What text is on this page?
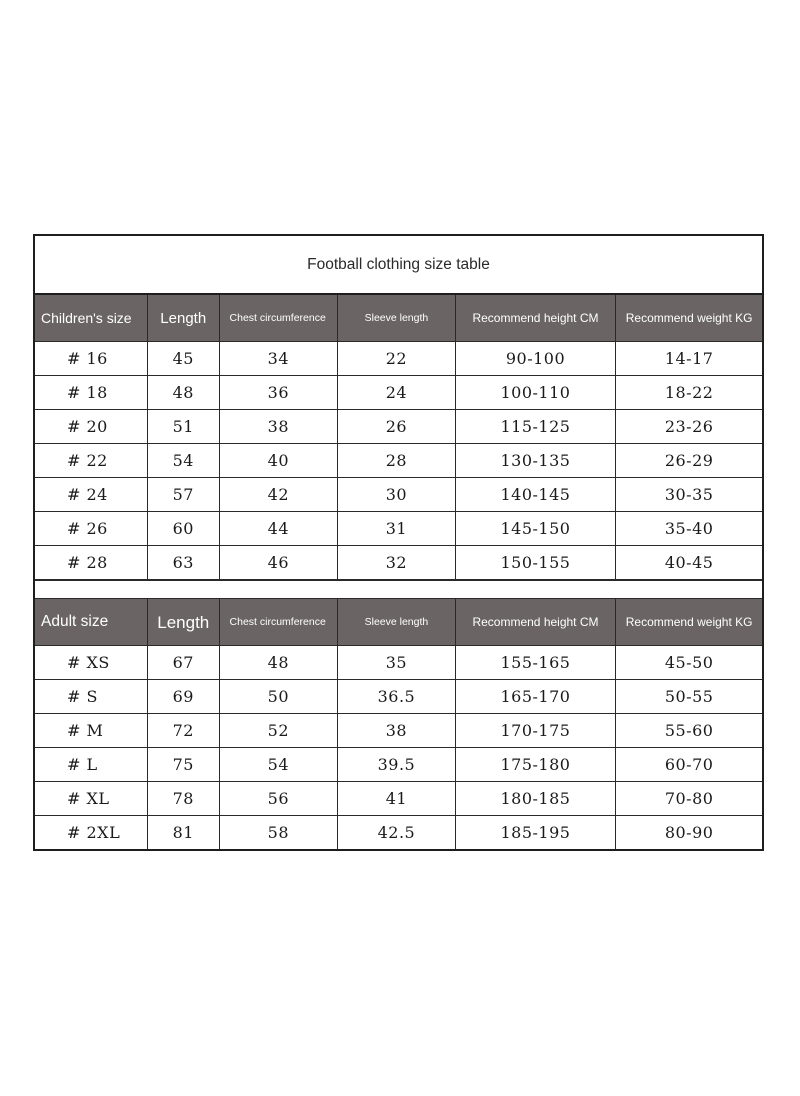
Football clothing size table
Children's size	Length	Chest circumference	Sleeve length	Recommend height CM	Recommend weight KG
# 16	45	34	22	90-100	14-17
# 18	48	36	24	100-110	18-22
# 20	51	38	26	115-125	23-26
# 22	54	40	28	130-135	26-29
# 24	57	42	30	140-145	30-35
# 26	60	44	31	145-150	35-40
# 28	63	46	32	150-155	40-45
Adult size	Length	Chest circumference	Sleeve length	Recommend height CM	Recommend weight KG
# XS	67	48	35	155-165	45-50
# S	69	50	36.5	165-170	50-55
# M	72	52	38	170-175	55-60
# L	75	54	39.5	175-180	60-70
# XL	78	56	41	180-185	70-80
# 2XL	81	58	42.5	185-195	80-90
